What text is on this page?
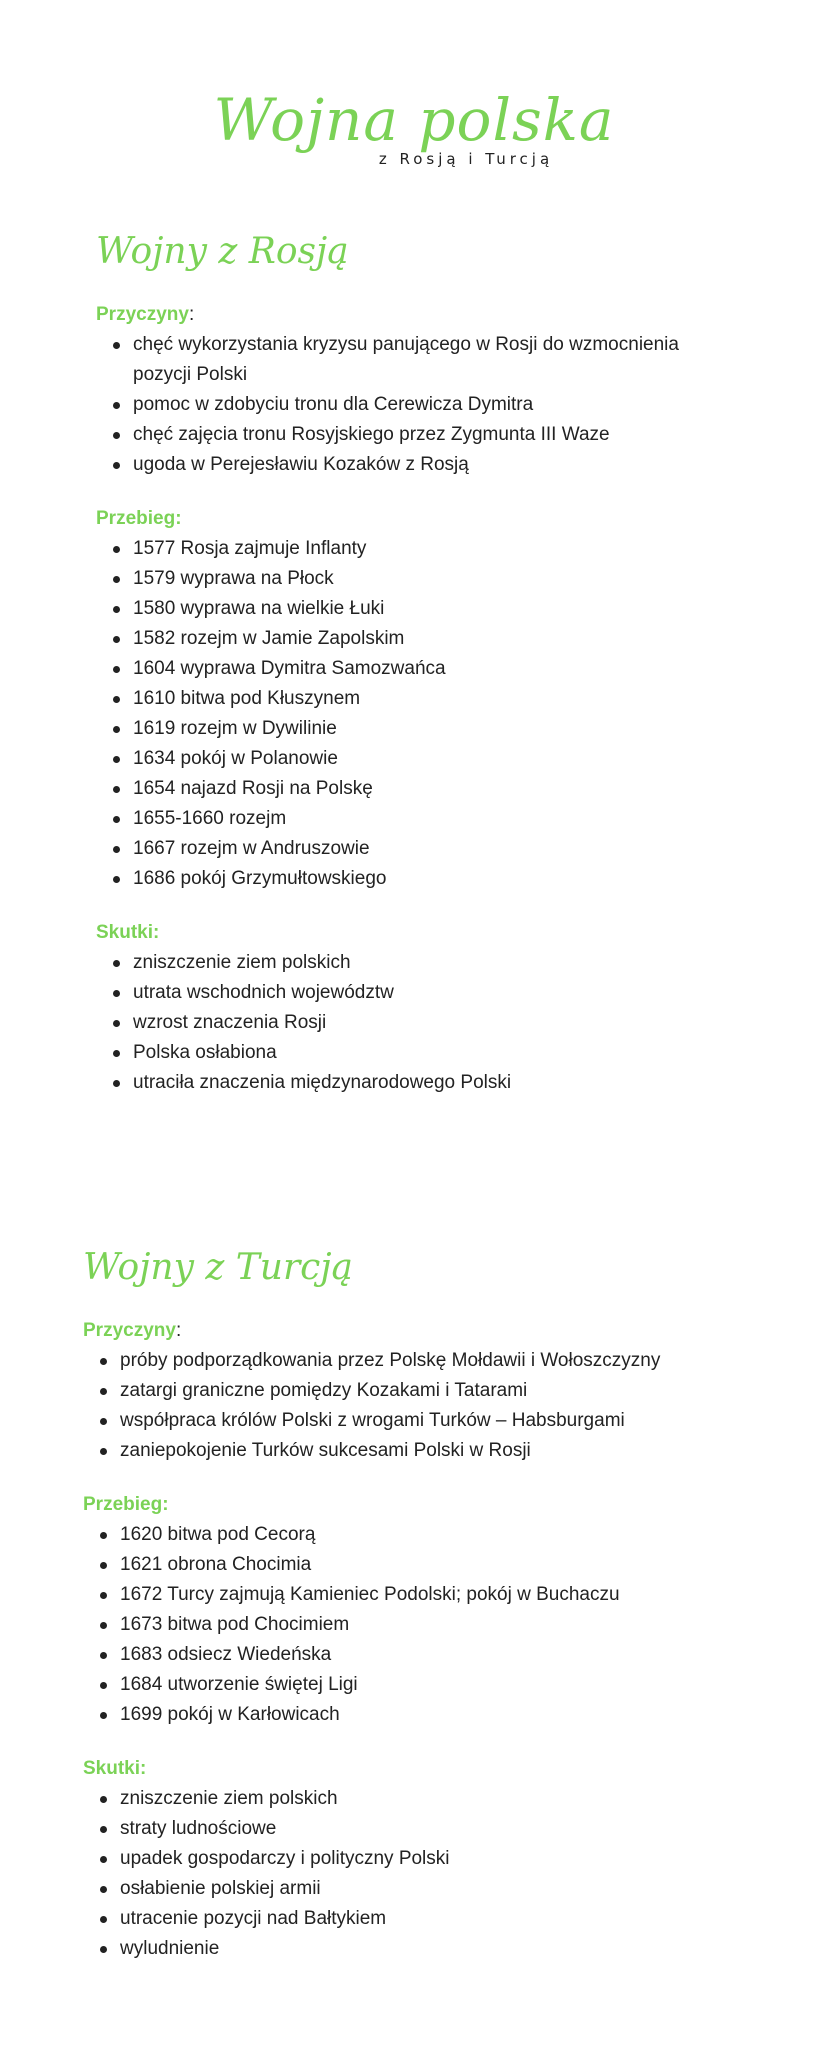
Wojna polska

z Rosją i Turcją

Wojny z Rosją

Przyczyny:

chęć wykorzystania kryzysu panującego w Rosji do wzmocnienia pozycji Polski
pomoc w zdobyciu tronu dla Cerewicza Dymitra
chęć zajęcia tronu Rosyjskiego przez Zygmunta III Waze
ugoda w Perejesławiu Kozaków z Rosją

Przebieg:

1577 Rosja zajmuje Inflanty
1579 wyprawa na Płock
1580 wyprawa na wielkie Łuki
1582 rozejm w Jamie Zapolskim
1604 wyprawa Dymitra Samozwańca
1610 bitwa pod Kłuszynem
1619 rozejm w Dywilinie
1634 pokój w Polanowie
1654 najazd Rosji na Polskę
1655-1660 rozejm
1667 rozejm w Andruszowie
1686 pokój Grzymułtowskiego

Skutki:

zniszczenie ziem polskich
utrata wschodnich województw
wzrost znaczenia Rosji
Polska osłabiona
utraciła znaczenia międzynarodowego Polski
Wojny z Turcją

Przyczyny:

próby podporządkowania przez Polskę Mołdawii i Wołoszczyzny
zatargi graniczne pomiędzy Kozakami i Tatarami
współpraca królów Polski z wrogami Turków – Habsburgami
zaniepokojenie Turków sukcesami Polski w Rosji

Przebieg:

1620 bitwa pod Cecorą
1621 obrona Chocimia
1672 Turcy zajmują Kamieniec Podolski; pokój w Buchaczu
1673 bitwa pod Chocimiem
1683 odsiecz Wiedeńska
1684 utworzenie świętej Ligi
1699 pokój w Karłowicach

Skutki:

zniszczenie ziem polskich
straty ludnościowe
upadek gospodarczy i polityczny Polski
osłabienie polskiej armii
utracenie pozycji nad Bałtykiem
wyludnienie
